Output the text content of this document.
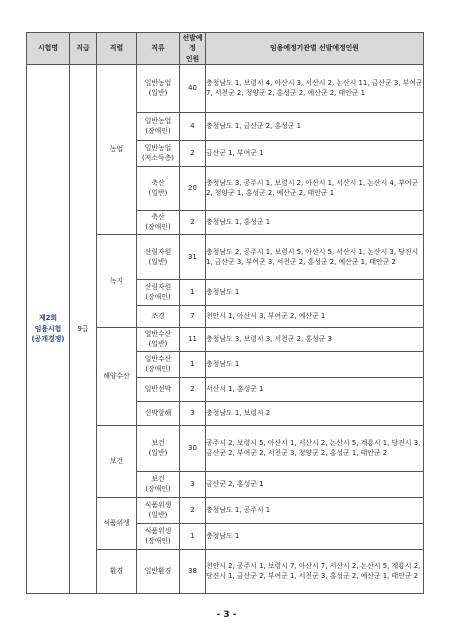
시험명	직급	직렬	직류	선발예정
인원	임용예정기관별 선발예정인원
제2회
임용시험
(공개경쟁)	9급	농업	일반농업
(일반)	40	충청남도 1, 보령시 4, 아산시 3, 서산시 2, 논산시 11, 금산군 3, 부여군 7, 서천군 2, 청양군 2, 홍성군 2, 예산군 2, 태안군 1
			일반농업
(장애인)	4	충청남도 1, 금산군 2, 홍성군 1
			일반농업
(저소득층)	2	금산군 1, 부여군 1
			축산
(일반)	20	충청남도 3, 공주시 1, 보령시 2, 아산시 1, 서산시 1, 논산시 4, 부여군 2, 청양군 1, 홍성군 2, 예산군 2, 태안군 1
			축산
(장애인)	2	충청남도 1, 홍성군 1
		녹지	산림자원
(일반)	31	충청남도 2, 공주시 1, 보령시 5, 아산시 5, 서산시 1, 논산시 3, 당진시 1, 금산군 3, 부여군 3, 서천군 2, 홍성군 2, 예산군 1, 태안군 2
			산림자원
(장애인)	1	충청남도 1
			조경	7	천안시 1, 아산시 3, 부여군 2, 예산군 1
		해양수산	일반수산
(일반)	11	충청남도 3, 보령시 3, 서천군 2, 홍성군 3
			일반수산
(장애인)	1	충청남도 1
			일반선박	2	서산시 1, 홍성군 1
			선박항해	3	충청남도 1, 보령시 2
		보건	보건
(일반)	30	공주시 2, 보령시 5, 아산시 1, 서산시 2, 논산시 5, 계룡시 1, 당진시 3, 금산군 2, 부여군 2, 서천군 3, 청양군 2, 홍성군 1, 태안군 2
			보건
(장애인)	3	금산군 2, 홍성군 1
		식품위생	식품위생
(일반)	2	충청남도 1, 공주시 1
			식품위생
(장애인)	1	충청남도 1
		환경	일반환경	38	천안시 2, 공주시 1, 보령시 7, 아산시 7, 서산시 2, 논산시 5, 계룡시 2, 당진시 1, 금산군 2, 부여군 1, 서천군 3, 홍성군 2, 예산군 1, 태안군 2
- 3 -
